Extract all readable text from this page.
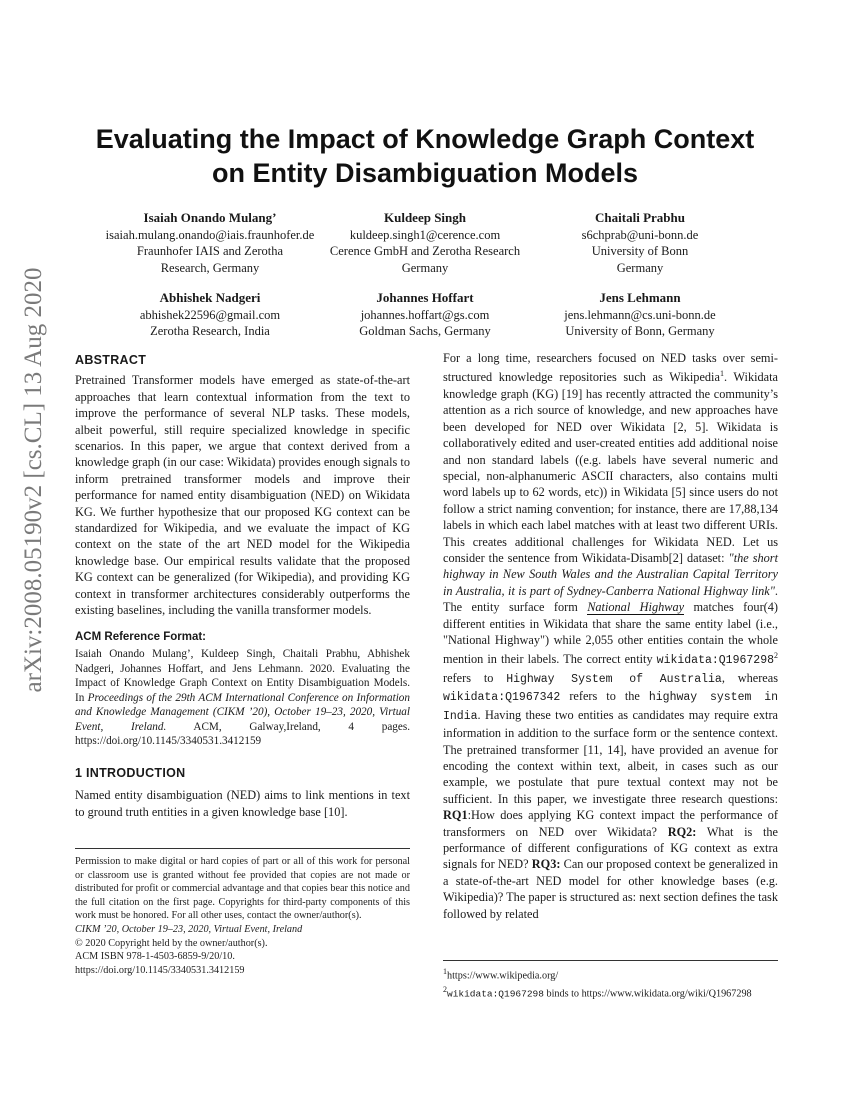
arXiv:2008.05190v2 [cs.CL] 13 Aug 2020
Evaluating the Impact of Knowledge Graph Context
on Entity Disambiguation Models
Isaiah Onando Mulang’
isaiah.mulang.onando@iais.fraunhofer.de
Fraunhofer IAIS and Zerotha
Research, Germany
Kuldeep Singh
kuldeep.singh1@cerence.com
Cerence GmbH and Zerotha Research
Germany
Chaitali Prabhu
s6chprab@uni-bonn.de
University of Bonn
Germany
Abhishek Nadgeri
abhishek22596@gmail.com
Zerotha Research, India
Johannes Hoffart
johannes.hoffart@gs.com
Goldman Sachs, Germany
Jens Lehmann
jens.lehmann@cs.uni-bonn.de
University of Bonn, Germany
ABSTRACT

Pretrained Transformer models have emerged as state-of-the-art approaches that learn contextual information from the text to improve the performance of several NLP tasks. These models, albeit powerful, still require specialized knowledge in specific scenarios. In this paper, we argue that context derived from a knowledge graph (in our case: Wikidata) provides enough signals to inform pretrained transformer models and improve their performance for named entity disambiguation (NED) on Wikidata KG. We further hypothesize that our proposed KG context can be standardized for Wikipedia, and we evaluate the impact of KG context on the state of the art NED model for the Wikipedia knowledge base. Our empirical results validate that the proposed KG context can be generalized (for Wikipedia), and providing KG context in transformer architectures considerably outperforms the existing baselines, including the vanilla transformer models.

ACM Reference Format:

Isaiah Onando Mulang’, Kuldeep Singh, Chaitali Prabhu, Abhishek Nadgeri, Johannes Hoffart, and Jens Lehmann. 2020. Evaluating the Impact of Knowledge Graph Context on Entity Disambiguation Models. In Proceedings of the 29th ACM International Conference on Information and Knowledge Management (CIKM ’20), October 19–23, 2020, Virtual Event, Ireland. ACM, Galway,Ireland, 4 pages. https://doi.org/10.1145/3340531.3412159

1 INTRODUCTION

Named entity disambiguation (NED) aims to link mentions in text to ground truth entities in a given knowledge base [10].

Permission to make digital or hard copies of part or all of this work for personal or classroom use is granted without fee provided that copies are not made or distributed for profit or commercial advantage and that copies bear this notice and the full citation on the first page. Copyrights for third-party components of this work must be honored. For all other uses, contact the owner/author(s).

CIKM ’20, October 19–23, 2020, Virtual Event, Ireland

© 2020 Copyright held by the owner/author(s).

ACM ISBN 978-1-4503-6859-9/20/10.

https://doi.org/10.1145/3340531.3412159

For a long time, researchers focused on NED tasks over semi-structured knowledge repositories such as Wikipedia$^1$. Wikidata knowledge graph (KG) [19] has recently attracted the community’s attention as a rich source of knowledge, and new approaches have been developed for NED over Wikidata [2, 5]. Wikidata is collaboratively edited and user-created entities add additional noise and non standard labels ((e.g. labels have several numeric and special, non-alphanumeric ASCII characters, also contains multi word labels up to 62 words, etc)) in Wikidata [5] since users do not follow a strict naming convention; for instance, there are 17,88,134 labels in which each label matches with at least two different URIs. This creates additional challenges for Wikidata NED. Let us consider the sentence from Wikidata-Disamb[2] dataset: "the short highway in New South Wales and the Australian Capital Territory in Australia, it is part of Sydney-Canberra National Highway link". The entity surface form National Highway matches four(4) different entities in Wikidata that share the same entity label (i.e., "National Highway") while 2,055 other entities contain the whole mention in their labels. The correct entity wikidata:Q1967298$^2$ refers to Highway System of Australia, whereas wikidata:Q1967342 refers to the highway system in India. Having these two entities as candidates may require extra information in addition to the surface form or the sentence context. The pretrained transformer [11, 14], have provided an avenue for encoding the context within text, albeit, in cases such as our example, we postulate that pure textual context may not be sufficient. In this paper, we investigate three research questions: RQ1:How does applying KG context impact the performance of transformers on NED over Wikidata? RQ2: What is the performance of different configurations of KG context as extra signals for NED? RQ3: Can our proposed context be generalized in a state-of-the-art NED model for other knowledge bases (e.g. Wikipedia)? The paper is structured as: next section defines the task followed by related

$^1$https://www.wikipedia.org/

$^2$wikidata:Q1967298 binds to https://www.wikidata.org/wiki/Q1967298
